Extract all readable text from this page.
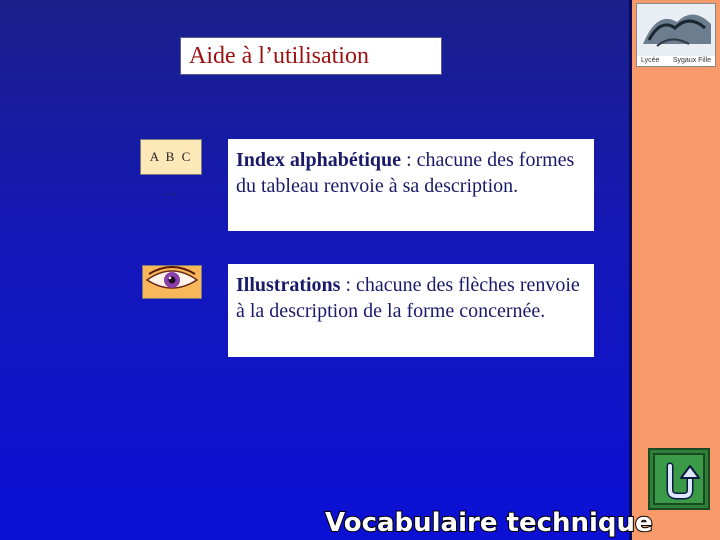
Aide à l’utilisation
A B C …
Index alphabétique : chacune des formes du tableau renvoie à sa description.
Illustrations : chacune des flèches renvoie à la description de la forme concernée.
Lycée Sygaux Fille
Vocabulaire technique
